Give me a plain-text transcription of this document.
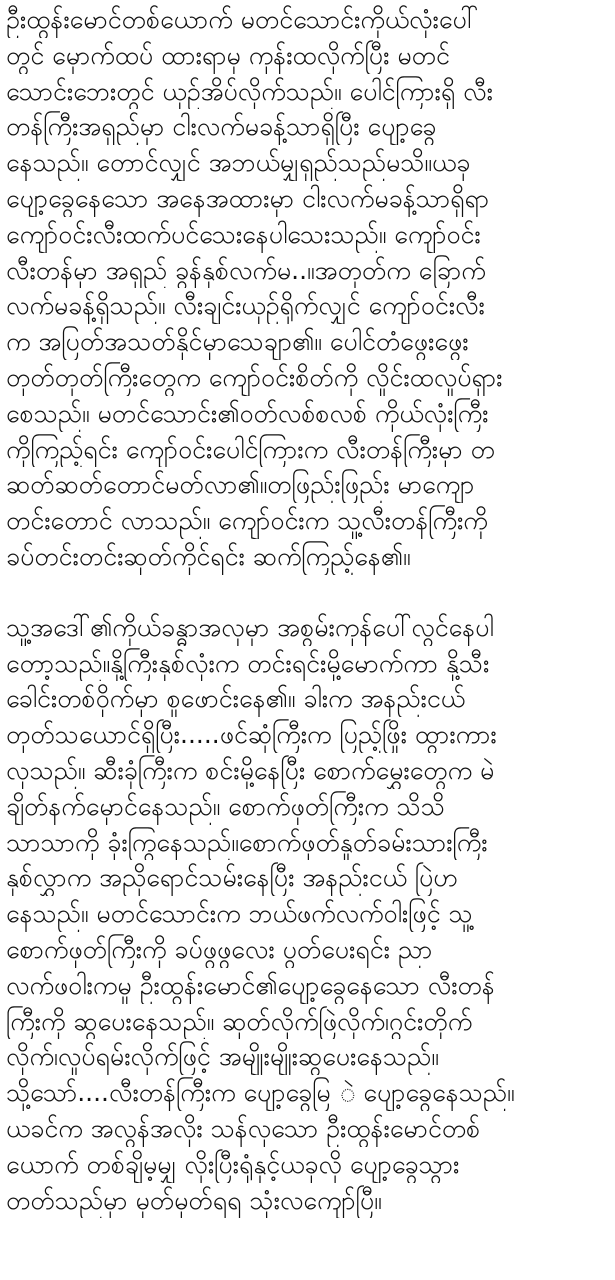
ဦးထွန်းမောင်တစ်ယောက် မတင်သောင်းကိုယ်လုံးပေါ်
တွင် မှောက်ထပ် ထားရာမှ ကုန်းထလိုက်ပြီး မတင်
သောင်းဘေးတွင် ယှဉ်အိပ်လိုက်သည်။ ပေါင်ကြားရှိ လီး
တန်ကြီးအရှည်မှာ ငါးလက်မခန့်သာရှိပြီး ပျော့ခွေ
နေသည်။ တောင်လျှင် အဘယ်မျှရှည်သည်မသိ။ယခု
ပျော့ခွေနေသော အနေအထားမှာ ငါးလက်မခန့်သာရှိရာ
ကျော်ဝင်းလီးထက်ပင်သေးနေပါသေးသည်။ ကျော်ဝင်း
လီးတန်မှာ အရှည် ခွန်နှစ်လက်မ..။အတုတ်က ခြောက်
လက်မခန့်ရှိသည်။ လီးချင်းယှဉ်ရိုက်လျှင် ကျော်ဝင်းလီး
က အပြတ်အသတ်နိုင်မှာသေချာ၏။ ပေါင်တံဖွေးဖွေး
တုတ်တုတ်ကြီးတွေက ကျော်ဝင်းစိတ်ကို လှိုင်းထလှုပ်ရှား
စေသည်။ မတင်သောင်း၏ဝတ်လစ်စလစ် ကိုယ်လုံးကြီး
ကိုကြည့်ရင်း ကျော်ဝင်းပေါင်ကြားက လီးတန်ကြီးမှာ တ
ဆတ်ဆတ်တောင်မတ်လာ၏။တဖြည်းဖြည်း မာကျော
တင်းတောင် လာသည်။ ကျော်ဝင်းက သူ့လီးတန်ကြီးကို
ခပ်တင်းတင်းဆုတ်ကိုင်ရင်း ဆက်ကြည့်နေ၏။

သူ့အဒေါ်၏ကိုယ်ခန္ဓာအလှမှာ အစွမ်းကုန်ပေါ်လွင်နေပါ
တော့သည်။နို့ကြီးနှစ်လုံးက တင်းရင်းမို့မောက်ကာ နို့သီး
ခေါင်းတစ်ဝိုက်မှာ စူဖောင်းနေ၏။ ခါးက အနည်းငယ်
တုတ်သယောင်ရှိပြီး.....ဖင်ဆုံကြီးက ပြည့်ဖြိုး ထွားကား
လှသည်။ ဆီးခုံကြီးက စင်းမို့နေပြီး စောက်မွှေးတွေက မဲ
ချိတ်နက်မှောင်နေသည်။ စောက်ဖုတ်ကြီးက သိသိ
သာသာကို ခုံးကြွနေသည်။စောက်ဖုတ်နှုတ်ခမ်းသားကြီး
နှစ်လွှာက အညိုရောင်သမ်းနေပြီး အနည်းငယ် ပြဲဟ
နေသည်။ မတင်သောင်းက ဘယ်ဖက်လက်ဝါးဖြင့် သူ့
စောက်ဖုတ်ကြီးကို ခပ်ဖွဖွလေး ပွတ်ပေးရင်း ညာ
လက်ဖဝါးကမူ ဦးထွန်းမောင်၏ပျော့ခွေနေသော လီးတန်
ကြီးကို ဆွပေးနေသည်။ ဆုတ်လိုက်ဖြဲလိုက်၊ဂွင်းတိုက်
လိုက်၊လှုပ်ရမ်းလိုက်ဖြင့် အမျိုးမျိုးဆွပေးနေသည်။
သို့သော်....လီးတန်ကြီးက ပျော့ခွေမြ ဲ ပျော့ခွေနေသည်။
ယခင်က အလွန်အလိုး သန်လှသော ဦးထွန်းမောင်တစ်
ယောက် တစ်ချိမ့မျှ လိုးပြီးရုံနှင့်ယခုလို ပျော့ခွေသွား
တတ်သည်မှာ မှတ်မှတ်ရရ သုံးလကျော်ပြီ။
